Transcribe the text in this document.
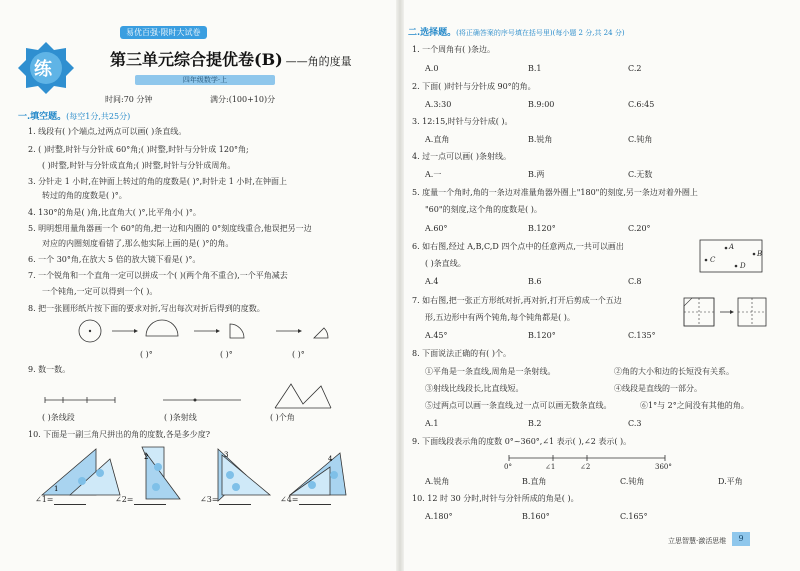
练
易优百强·限时大试卷
第三单元综合提优卷(B) ——角的度量
四年级数学·上
时间:70 分钟	满分:(100+10)分
一.填空题。(每空1分,共25分)
1. 线段有( )个端点,过两点可以画( )条直线。
2. ( )时整,时针与分针成 60°角;( )时整,时针与分针成 120°角;
( )时整,时针与分针成直角;( )时整,时针与分针成周角。
3. 分针走 1 小时,在钟面上转过的角的度数是( )°,时针走 1 小时,在钟面上
转过的角的度数是( )°。
4. 130°的角是( )角,比直角大( )°,比平角小( )°。
5. 明明想用量角器画一个 60°的角,把一边和内圈的 0°刻度线重合,他误把另一边
对应的内圈刻度看错了,那么他实际上画的是( )°的角。
6. 一个 30°角,在放大 5 倍的放大镜下看是( )°。
7. 一个锐角和一个直角一定可以拼成一个( )(两个角不重合),一个平角减去
一个钝角,一定可以得到一个( )。
8. 把一张圆形纸片按下面的要求对折,写出每次对折后得到的度数。
( )°	( )°	( )°
9. 数一数。
( )条线段	( )条射线	( )个角
10. 下面是一副三角尺拼出的角的度数,各是多少度?
1
2	3	4
∠1=	∠2=	∠3=	∠4=
二.选择题。(将正确答案的序号填在括号里)(每小题 2 分,共 24 分)
1. 一个周角有( )条边。
A.0	B.1	C.2
2. 下面( )时针与分针成 90°的角。
A.3:30	B.9:00	C.6:45
3. 12:15,时针与分针成( )。
A.直角	B.锐角	C.钝角
4. 过一点可以画( )条射线。
A.一	B.两	C.无数
5. 度量一个角时,角的一条边对准量角器外圈上"180"的刻度,另一条边对着外圈上
"60"的刻度,这个角的度数是( )。
A.60°	B.120°	C.20°
6. 如右图,经过 A,B,C,D 四个点中的任意两点,一共可以画出
( )条直线。
A.4	B.6	C.8
A
B
C
D
7. 如右图,把一张正方形纸对折,再对折,打开后剪成一个五边
形,五边形中有两个钝角,每个钝角都是( )。
A.45°	B.120°	C.135°
8. 下面说法正确的有( )个。
①平角是一条直线,周角是一条射线。	②角的大小和边的长短没有关系。
③射线比线段长,比直线短。	④线段是直线的一部分。
⑤过两点可以画一条直线,过一点可以画无数条直线。	⑥1°与 2°之间没有其他的角。
A.1	B.2	C.3
9. 下面线段表示角的度数 0°~360°,∠1 表示( ),∠2 表示( )。
0°	∠1	∠2	360°
A.锐角	B.直角	C.钝角	D.平角
10. 12 时 30 分时,时针与分针所成的角是( )。
A.180°	B.160°	C.165°
立思智慧·激活思维	9
